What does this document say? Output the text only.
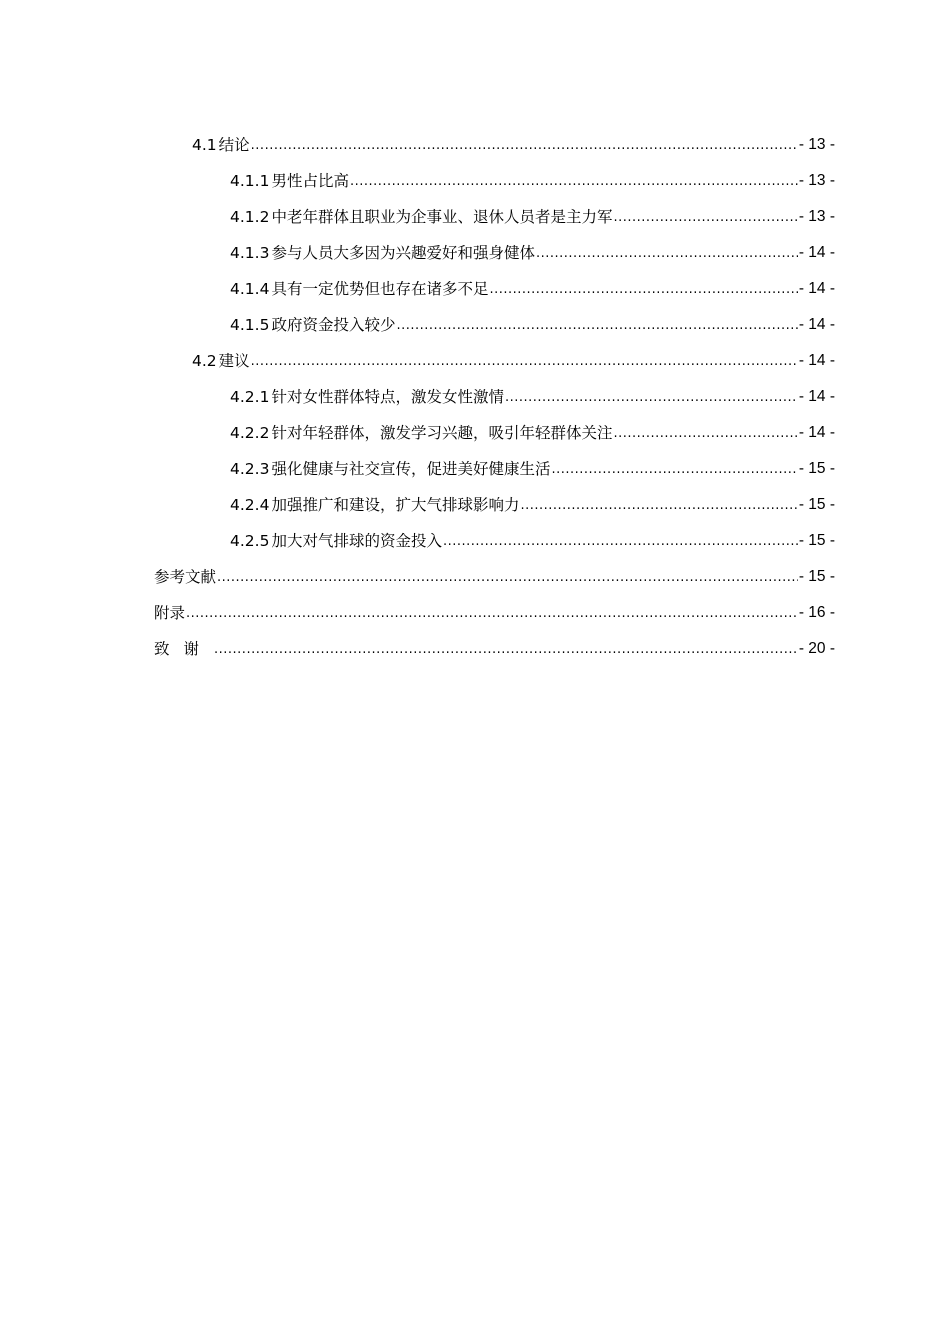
4.1 结论 .....	- 13 -
4.1.1 男性占比高 .....	- 13 -
4.1.2 中老年群体且职业为企事业、退休人员者是主力军 .....	- 13 -
4.1.3 参与人员大多因为兴趣爱好和强身健体 .....	- 14 -
4.1.4 具有一定优势但也存在诸多不足 .....	- 14 -
4.1.5 政府资金投入较少 .....	- 14 -
4.2 建议 .....	- 14 -
4.2.1 针对女性群体特点，激发女性激情 .....	- 14 -
4.2.2 针对年轻群体，激发学习兴趣，吸引年轻群体关注 .....	- 14 -
4.2.3 强化健康与社交宣传，促进美好健康生活 .....	- 15 -
4.2.4 加强推广和建设，扩大气排球影响力 .....	- 15 -
4.2.5 加大对气排球的资金投入 .....	- 15 -
参考文献 .....	- 15 -
附录 .....	- 16 -
致谢 .....	- 20 -
